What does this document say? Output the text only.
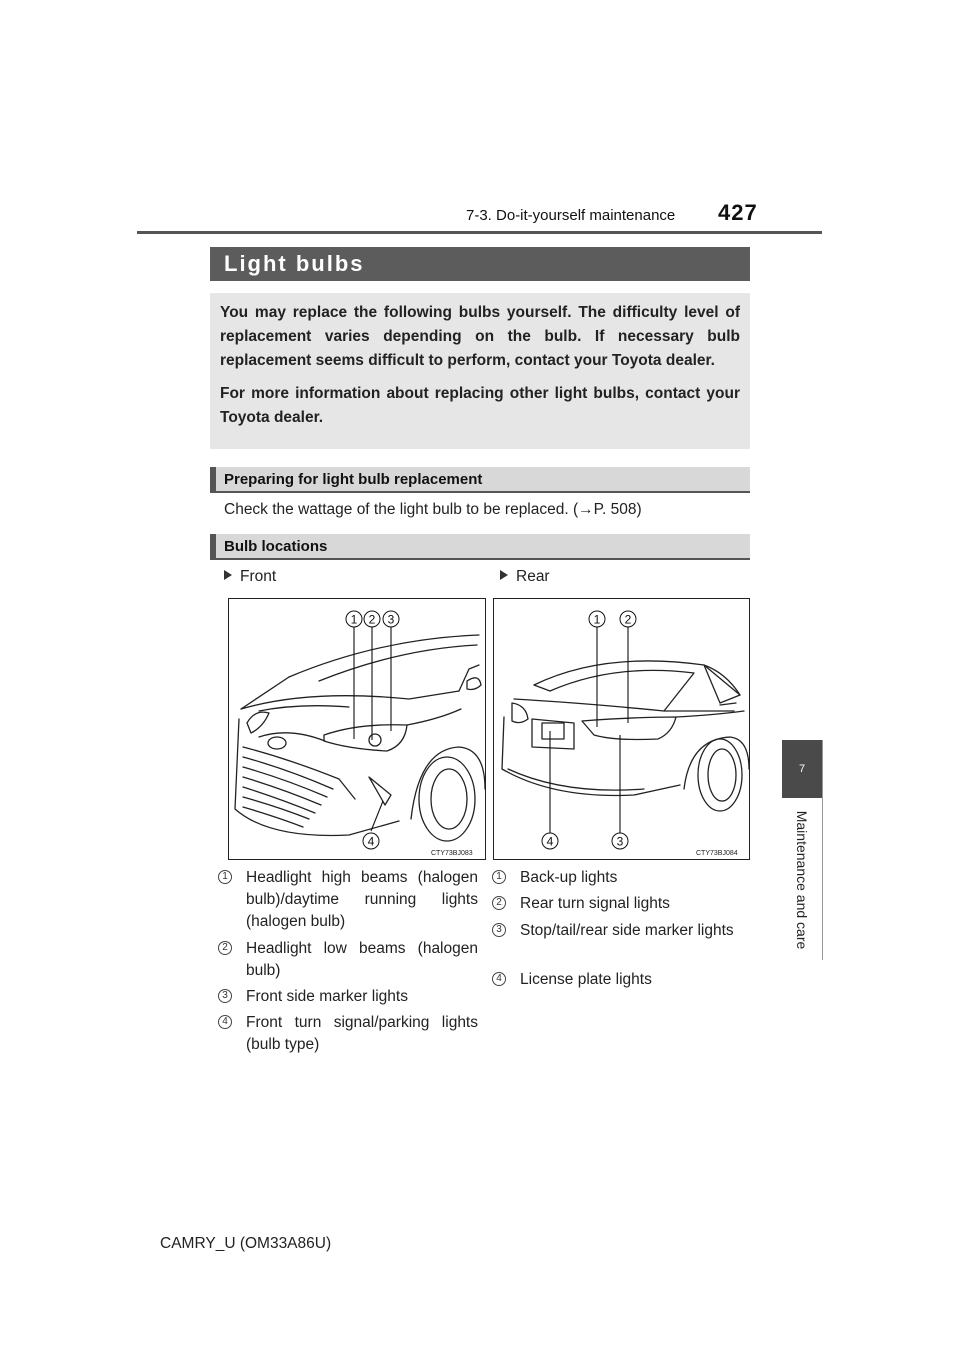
7-3. Do-it-yourself maintenance 427
7
Maintenance and care
Light bulbs

You may replace the following bulbs yourself. The difficulty level of replacement varies depending on the bulb. If necessary bulb replacement seems difficult to perform, contact your Toyota dealer.

For more information about replacing other light bulbs, contact your Toyota dealer.

Preparing for light bulb replacement
Check the wattage of the light bulb to be replaced. (→P. 508)
Bulb locations
Front	Rear
1 2 3
4
CTY73BJ083
1 2
4	3
CTY73BJ084
1 Headlight high beams (halogen bulb)/daytime running lights (halogen bulb)
2 Headlight low beams (halogen bulb)
3 Front side marker lights
4 Front turn signal/parking lights (bulb type)
1 Back-up lights
2 Rear turn signal lights
3 Stop/tail/rear side marker lights
4 License plate lights
CAMRY_U (OM33A86U)
